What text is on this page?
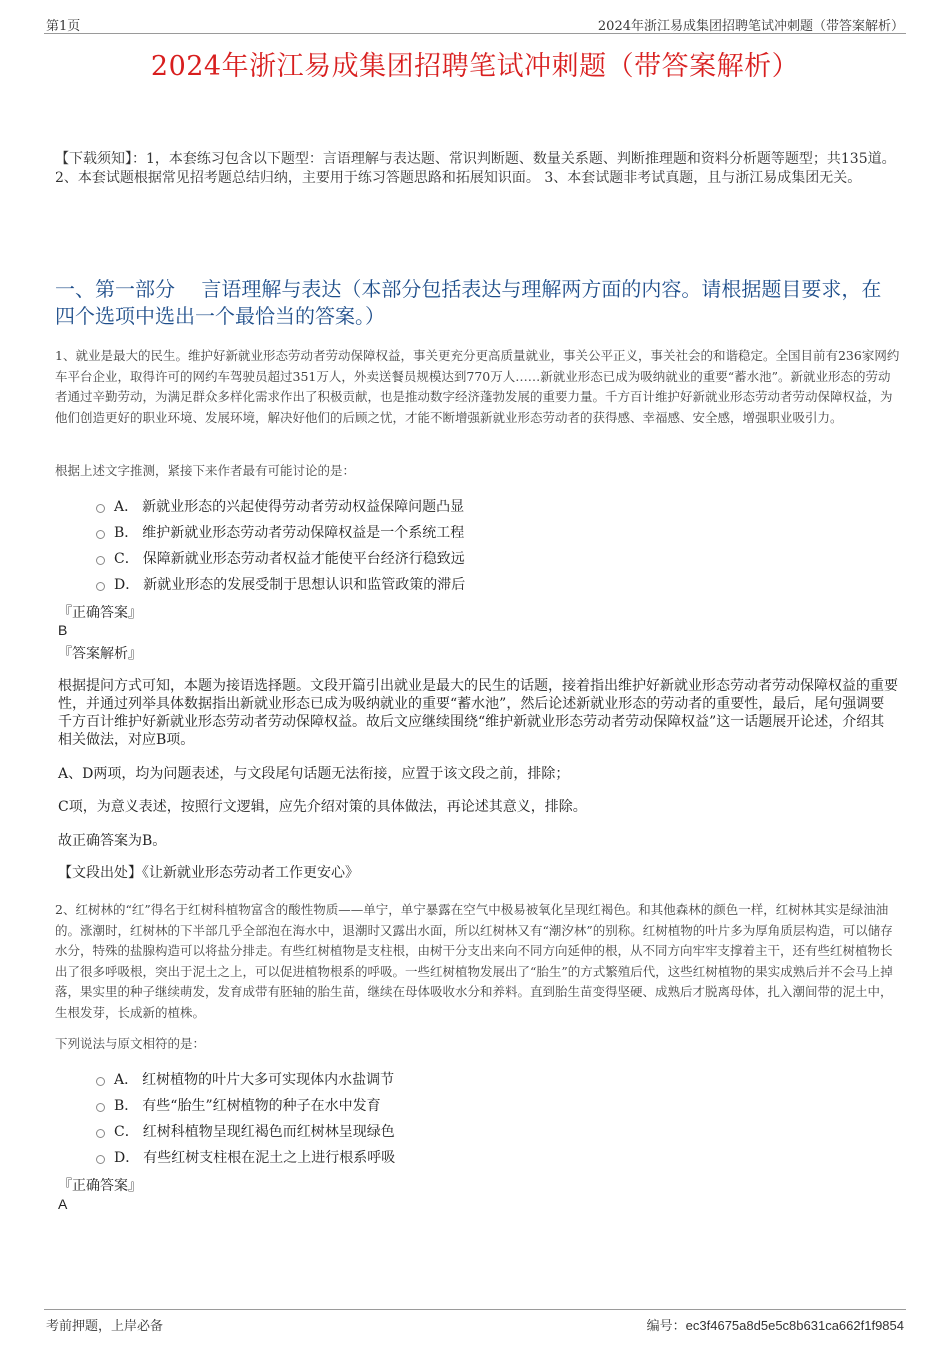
第1页	2024年浙江易成集团招聘笔试冲刺题（带答案解析）
2024年浙江易成集团招聘笔试冲刺题（带答案解析）
【下载须知】：1，本套练习包含以下题型：言语理解与表达题、常识判断题、数量关系题、判断推理题和资料分析题等题型；共135道。 2、本套试题根据常见招考题总结归纳，主要用于练习答题思路和拓展知识面。 3、本套试题非考试真题，且与浙江易成集团无关。
一、第一部分　 言语理解与表达（本部分包括表达与理解两方面的内容。请根据题目要求，在四个选项中选出一个最恰当的答案。）
1、就业是最大的民生。维护好新就业形态劳动者劳动保障权益，事关更充分更高质量就业，事关公平正义，事关社会的和谐稳定。全国目前有236家网约车平台企业，取得许可的网约车驾驶员超过351万人，外卖送餐员规模达到770万人……新就业形态已成为吸纳就业的重要“蓄水池”。新就业形态的劳动者通过辛勤劳动，为满足群众多样化需求作出了积极贡献，也是推动数字经济蓬勃发展的重要力量。千方百计维护好新就业形态劳动者劳动保障权益，为他们创造更好的职业环境、发展环境，解决好他们的后顾之忧，才能不断增强新就业形态劳动者的获得感、幸福感、安全感，增强职业吸引力。
根据上述文字推测，紧接下来作者最有可能讨论的是：
A． 新就业形态的兴起使得劳动者劳动权益保障问题凸显
B． 维护新就业形态劳动者劳动保障权益是一个系统工程
C． 保障新就业形态劳动者权益才能使平台经济行稳致远
D． 新就业形态的发展受制于思想认识和监管政策的滞后
『正确答案』
B
『答案解析』
根据提问方式可知，本题为接语选择题。文段开篇引出就业是最大的民生的话题，接着指出维护好新就业形态劳动者劳动保障权益的重要性，并通过列举具体数据指出新就业形态已成为吸纳就业的重要“蓄水池”，然后论述新就业形态的劳动者的重要性，最后，尾句强调要千方百计维护好新就业形态劳动者劳动保障权益。故后文应继续围绕“维护新就业形态劳动者劳动保障权益”这一话题展开论述，介绍其相关做法，对应B项。
A、D两项，均为问题表述，与文段尾句话题无法衔接，应置于该文段之前，排除；
C项，为意义表述，按照行文逻辑，应先介绍对策的具体做法，再论述其意义，排除。
故正确答案为B。
【文段出处】《让新就业形态劳动者工作更安心》
2、红树林的“红”得名于红树科植物富含的酸性物质——单宁，单宁暴露在空气中极易被氧化呈现红褐色。和其他森林的颜色一样，红树林其实是绿油油的。涨潮时，红树林的下半部几乎全部泡在海水中，退潮时又露出水面，所以红树林又有“潮汐林”的别称。红树植物的叶片多为厚角质层构造，可以储存水分，特殊的盐腺构造可以将盐分排走。有些红树植物是支柱根，由树干分支出来向不同方向延伸的根，从不同方向牢牢支撑着主干，还有些红树植物长出了很多呼吸根，突出于泥土之上，可以促进植物根系的呼吸。一些红树植物发展出了“胎生”的方式繁殖后代，这些红树植物的果实成熟后并不会马上掉落，果实里的种子继续萌发，发育成带有胚轴的胎生苗，继续在母体吸收水分和养料。直到胎生苗变得坚硬、成熟后才脱离母体，扎入潮间带的泥土中，生根发芽，长成新的植株。
下列说法与原文相符的是：
A． 红树植物的叶片大多可实现体内水盐调节
B． 有些“胎生”红树植物的种子在水中发育
C． 红树科植物呈现红褐色而红树林呈现绿色
D． 有些红树支柱根在泥土之上进行根系呼吸
『正确答案』
A
考前押题，上岸必备	编号：ec3f4675a8d5e5c8b631ca662f1f9854
